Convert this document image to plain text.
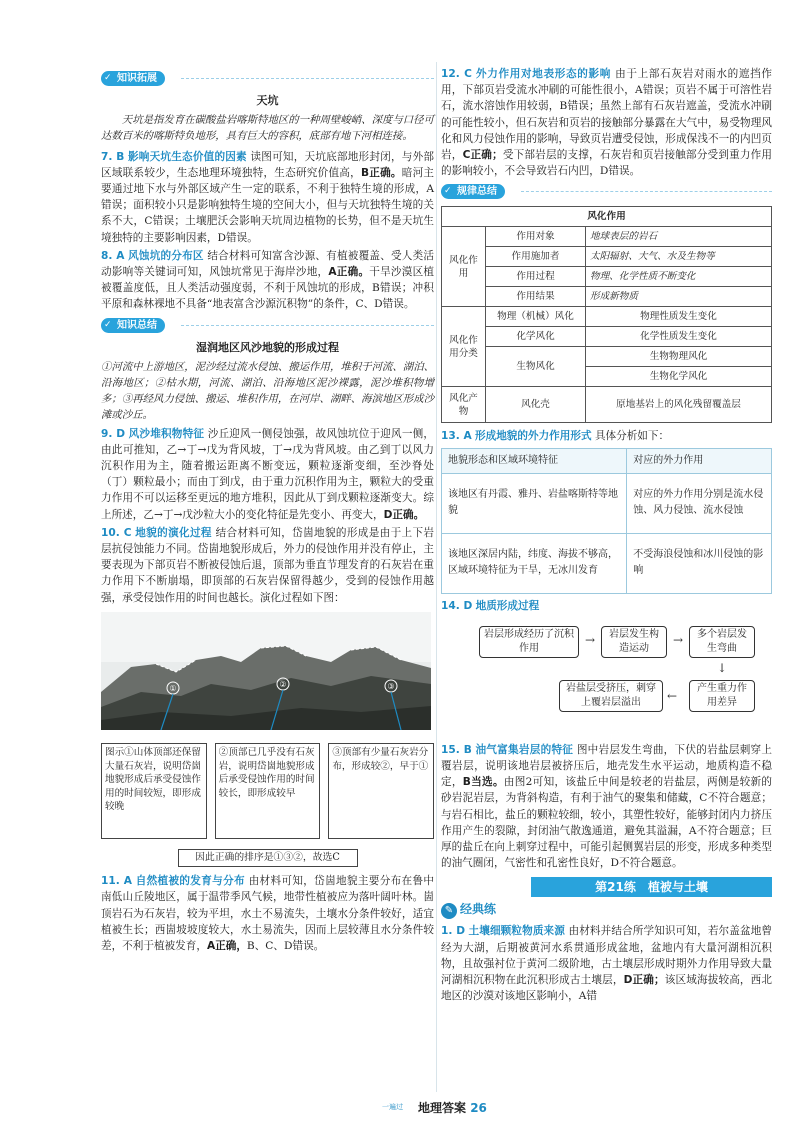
✓ 知识拓展
天坑

天坑是指发育在碳酸盐岩喀斯特地区的一种周壁峻峭、深度与口径可达数百米的喀斯特负地形，具有巨大的容积，底部有地下河相连接。

7. B 影响天坑生态价值的因素 读图可知，天坑底部地形封闭，与外部区域联系较少，生态地理环境独特，生态研究价值高，B正确。暗河主要通过地下水与外部区域产生一定的联系，不利于独特生境的形成，A错误；面积较小只是影响独特生境的空间大小，但与天坑独特生境的关系不大，C错误；土壤肥沃会影响天坑周边植物的长势，但不是天坑生境独特的主要影响因素，D错误。

8. A 风蚀坑的分布区 结合材料可知富含沙源、有植被覆盖、受人类活动影响等关键词可知，风蚀坑常见于海岸沙地，A正确。干旱沙漠区植被覆盖度低，且人类活动强度弱，不利于风蚀坑的形成，B错误；冲积平原和森林裸地不具备“地表富含沙源沉积物”的条件，C、D错误。

✓ 知识总结
湿润地区风沙地貌的形成过程

①河流中上游地区，泥沙经过流水侵蚀、搬运作用，堆积于河流、湖泊、沿海地区；②枯水期，河流、湖泊、沿海地区泥沙裸露，泥沙堆积物增多；③再经风力侵蚀、搬运、堆积作用，在河岸、湖畔、海滨地区形成沙滩或沙丘。

9. D 风沙堆积物特征 沙丘迎风一侧侵蚀强，故风蚀坑位于迎风一侧，由此可推知，乙→丁→戊为背风坡，丁→戊为背风坡。由乙到丁以风力沉积作用为主，随着搬运距离不断变远，颗粒逐渐变细，至沙脊处（丁）颗粒最小；而由丁到戊，由于重力沉积作用为主，颗粒大的受重力作用不可以运移至更远的地方堆积，因此从丁到戊颗粒逐渐变大。综上所述，乙→丁→戊沙粒大小的变化特征是先变小、再变大，D正确。

10. C 地貌的演化过程 结合材料可知，岱崮地貌的形成是由于上下岩层抗侵蚀能力不同。岱崮地貌形成后，外力的侵蚀作用并没有停止，主要表现为下部页岩不断被侵蚀后退，顶部为垂直节理发育的石灰岩在重力作用下不断崩塌，即顶部的石灰岩保留得越少，受到的侵蚀作用越强，承受侵蚀作用的时间也越长。演化过程如下图：

①	②	③
图示①山体顶部还保留大量石灰岩，说明岱崮地貌形成后承受侵蚀作用的时间较短，即形成较晚
②顶部已几乎没有石灰岩，说明岱崮地貌形成后承受侵蚀作用的时间较长，即形成较早
③顶部有少量石灰岩分布，形成较②，早于①
因此正确的排序是①③②，故选C

11. A 自然植被的发育与分布 由材料可知，岱崮地貌主要分布在鲁中南低山丘陵地区，属于温带季风气候，地带性植被应为落叶阔叶林。崮顶岩石为石灰岩，较为平坦，水土不易流失，土壤水分条件较好，适宜植被生长；西崮坡坡度较大，水土易流失，因而上层较薄且水分条件较差，不利于植被发育，A正确，B、C、D错误。

12. C 外力作用对地表形态的影响 由于上部石灰岩对雨水的遮挡作用，下部页岩受流水冲刷的可能性很小，A错误；页岩不属于可溶性岩石，流水溶蚀作用较弱，B错误；虽然上部有石灰岩遮盖，受流水冲刷的可能性较小，但石灰岩和页岩的接触部分暴露在大气中，易受物理风化和风力侵蚀作用的影响，导致页岩遭受侵蚀，形成保浅不一的内凹页岩，C正确；受下部岩层的支撑，石灰岩和页岩接触部分受到重力作用的影响较小，不会导致岩石内凹，D错误。

✓ 规律总结
风化作用		
风化作用	作用对象	地球表层的岩石
	作用施加者	太阳辐射、大气、水及生物等
	作用过程	物理、化学性质不断变化
	作用结果	形成新物质
风化作用分类	物理（机械）风化	物理性质发生变化
	化学风化	化学性质发生变化
	生物风化	生物物理风化
		生物化学风化
风化产物	风化壳	原地基岩上的风化残留覆盖层

13. A 形成地貌的外力作用形式 具体分析如下：

地貌形态和区域环境特征	对应的外力作用
该地区有丹霞、雅丹、岩盐喀斯特等地貌	对应的外力作用分别是流水侵蚀、风力侵蚀、流水侵蚀
该地区深居内陆，纬度、海拔不够高，区域环境特征为干旱，无冰川发育	不受海浪侵蚀和冰川侵蚀的影响

14. D 地质形成过程

岩层形成经历了沉积作用
→	岩层发生构造运动
→	多个岩层发生弯曲
↓
产生重力作用差异
←
岩盐层受挤压，刺穿上覆岩层溢出

15. B 油气富集岩层的特征 图中岩层发生弯曲，下伏的岩盐层刺穿上覆岩层，说明该地岩层被挤压后，地壳发生水平运动，地质构造不稳定，B当选。由图2可知，该盐丘中间是较老的岩盐层，两侧是较新的砂岩泥岩层，为背斜构造，有利于油气的聚集和储藏，C不符合题意；与岩石相比，盐丘的颗粒较细，较小，其塑性较好，能够封闭内力挤压作用产生的裂隙，封闭油气散逸通道，避免其溢漏，A不符合题意；巨厚的盐丘在向上刺穿过程中，可能引起侧翼岩层的形变，形成多种类型的油气圈闭，气密性和孔密性良好，D不符合题意。

第21练　植被与土壤
✎ 经典练

1. D 土壤细颗粒物质来源 由材料并结合所学知识可知，若尔盖盆地曾经为大湖，后期被黄河水系贯通形成盆地，盆地内有大量河湖相沉积物，且故强衬位于黄河二级阶地，古土壤层形成时期外力作用导致大量河湖相沉积物在此沉积形成古土壤层，D正确；该区域海拔较高，西北地区的沙漠对该地区影响小，A错

一遍过 地理答案 26
